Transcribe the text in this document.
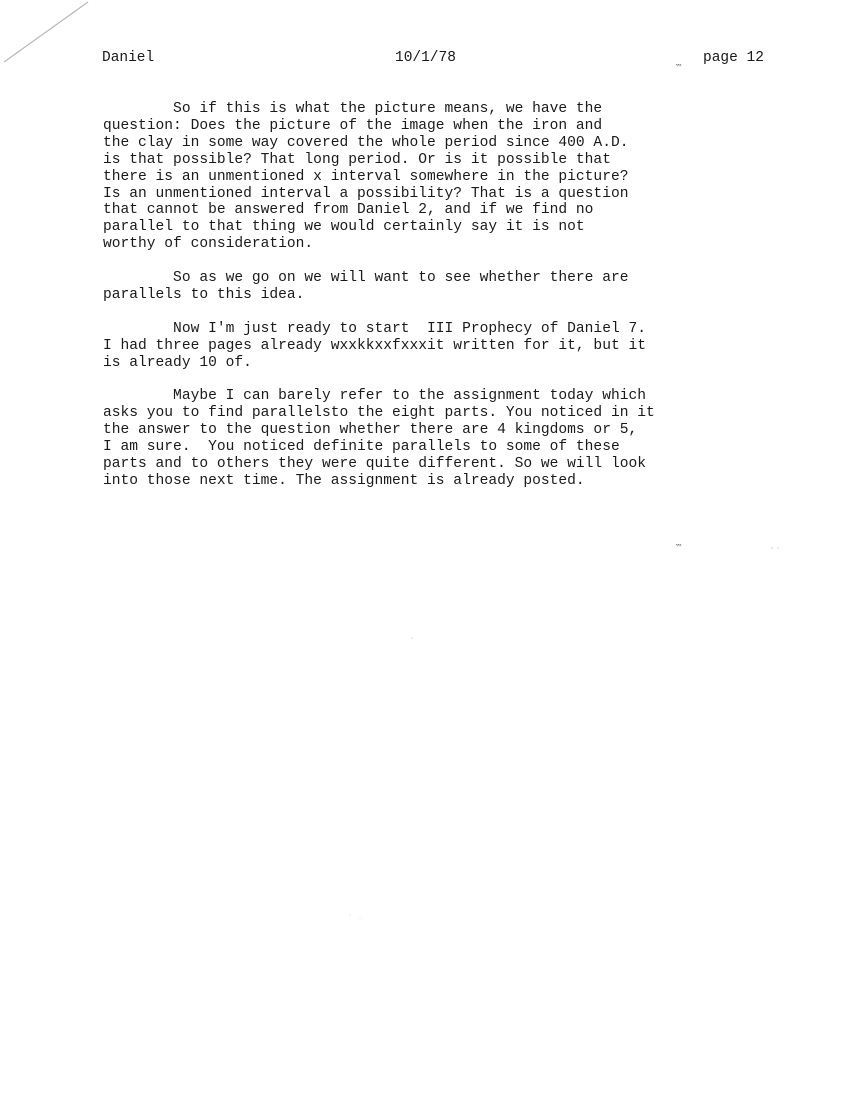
Daniel	10/1/78	page 12
‷
‷
So if this is what the picture means, we have the
question: Does the picture of the image when the iron and
the clay in some way covered the whole period since 400 A.D.
is that possible? That long period. Or is it possible that
there is an unmentioned x interval somewhere in the picture?
Is an unmentioned interval a possibility? That is a question
that cannot be answered from Daniel 2, and if we find no
parallel to that thing we would certainly say it is not
worthy of consideration.
So as we go on we will want to see whether there are
parallels to this idea.
Now I'm just ready to start  III Prophecy of Daniel 7.
I had three pages already wxxkkxxfxxxit written for it, but it
is already 10 of.
Maybe I can barely refer to the assignment today which
asks you to find parallelsto the eight parts. You noticed in it
the answer to the question whether there are 4 kingdoms or 5,
I am sure.  You noticed definite parallels to some of these
parts and to others they were quite different. So we will look
into those next time. The assignment is already posted.
